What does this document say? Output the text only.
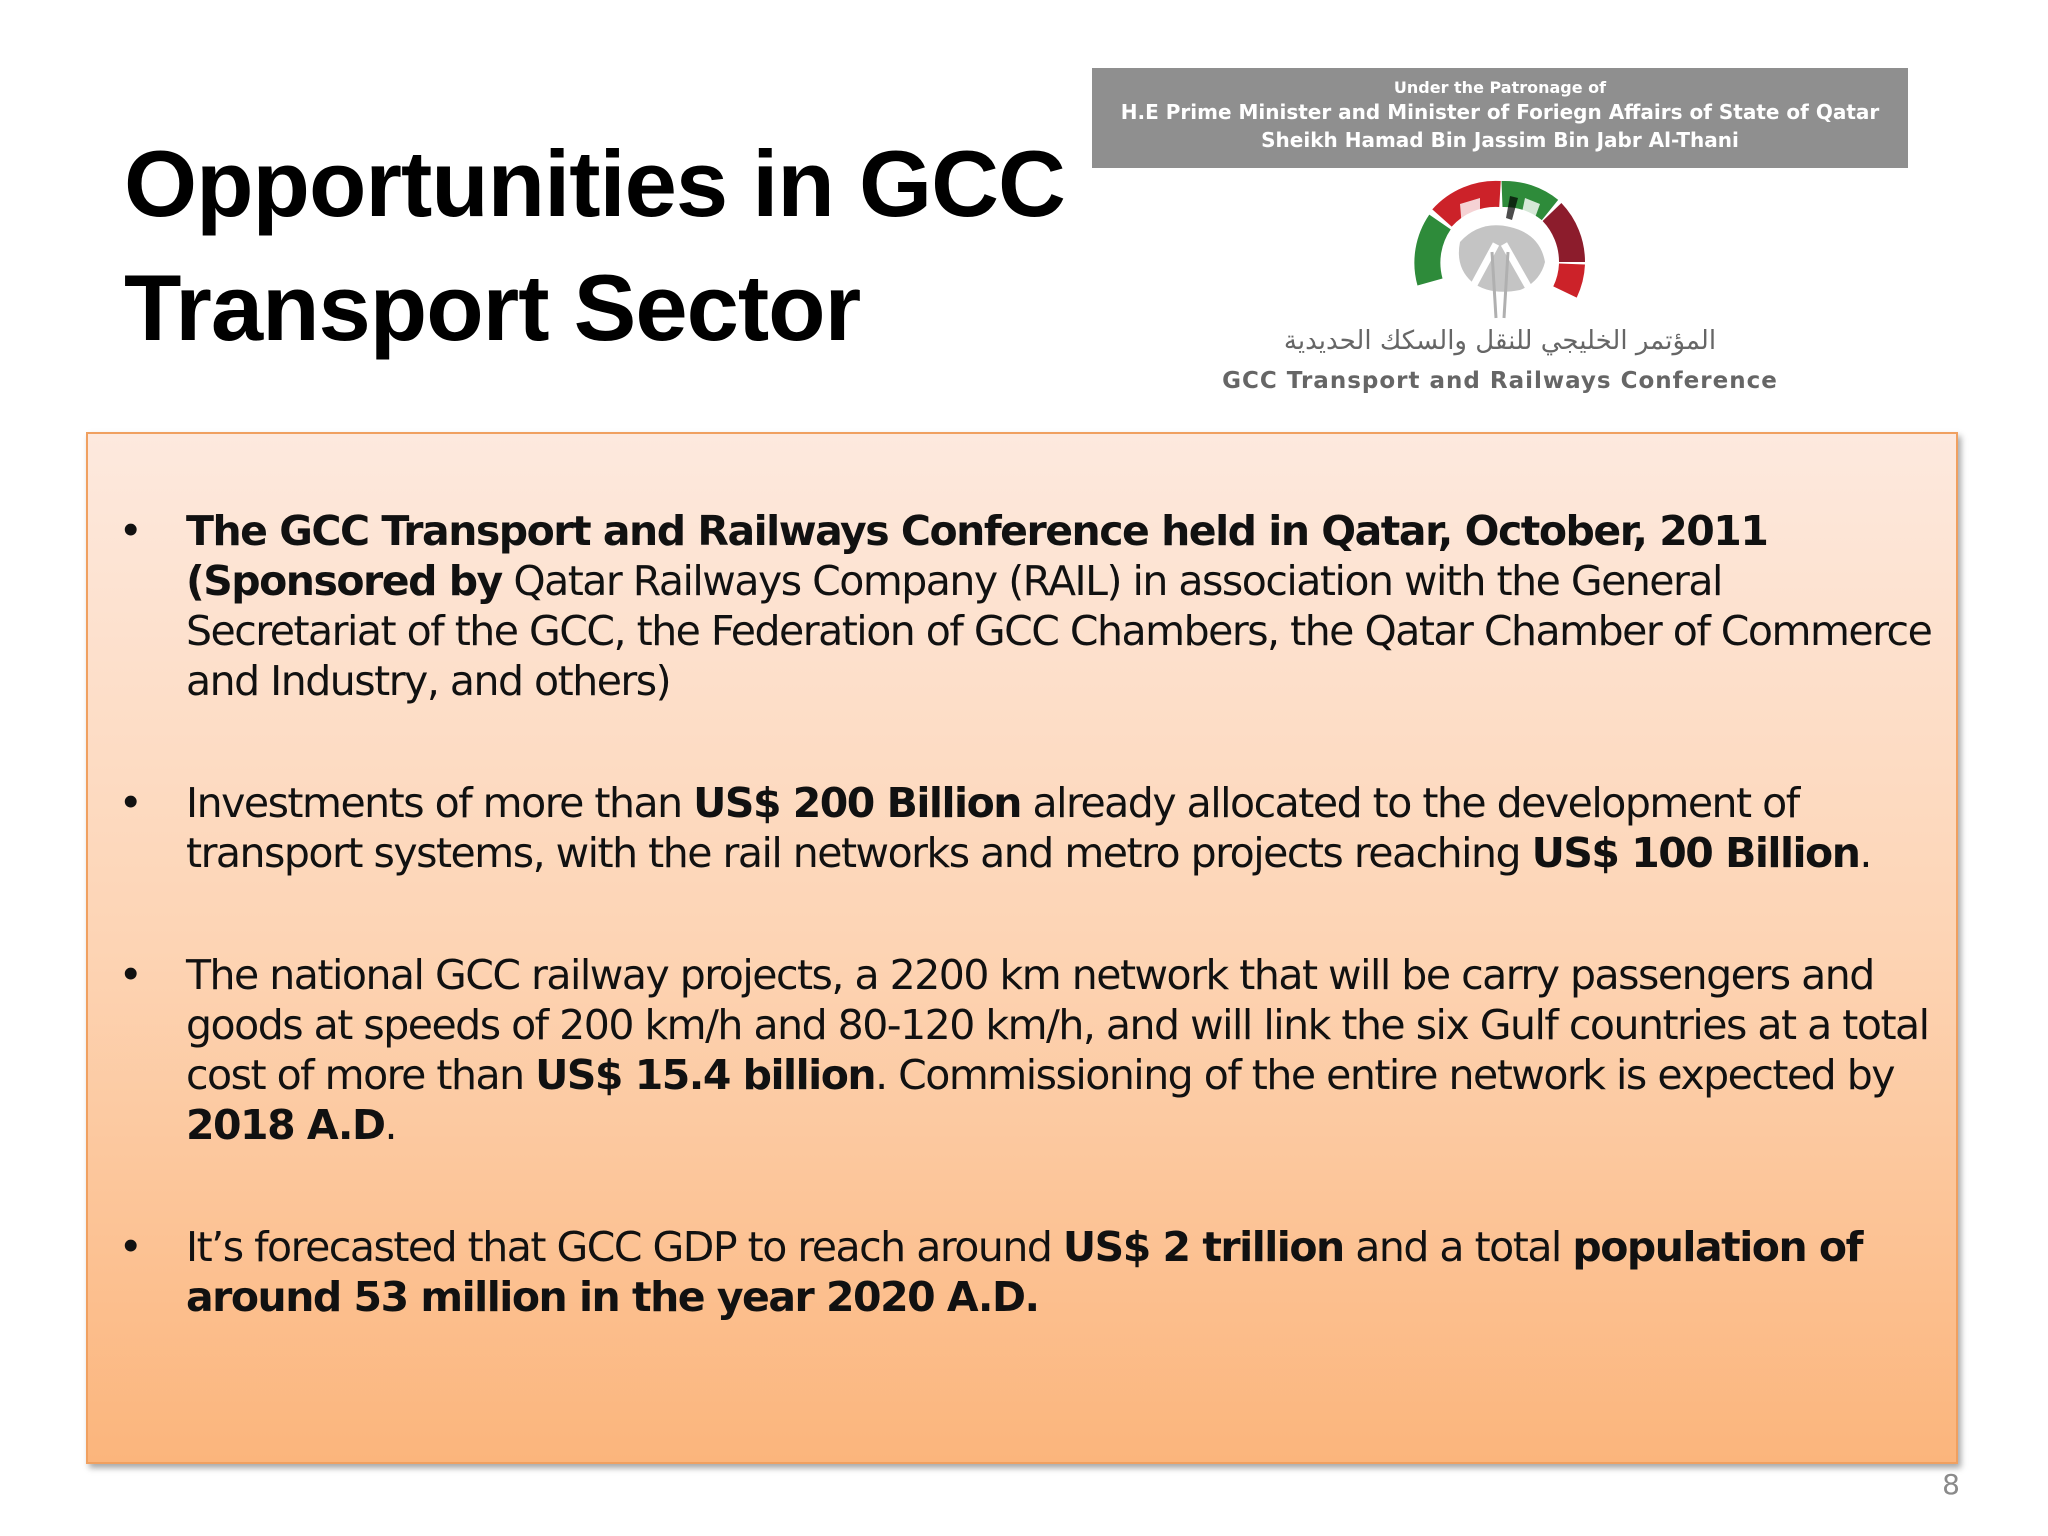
Opportunities in GCC
Transport Sector
Under the Patronage of
H.E Prime Minister and Minister of Foriegn Affairs of State of Qatar
Sheikh Hamad Bin Jassim Bin Jabr Al-Thani
المؤتمر الخليجي للنقل والسكك الحديدية
GCC Transport and Railways Conference
• The GCC Transport and Railways Conference held in Qatar, October, 2011 (Sponsored by Qatar Railways Company (RAIL) in association with the General Secretariat of the GCC, the Federation of GCC Chambers, the Qatar Chamber of Commerce and Industry, and others)
• Investments of more than US$ 200 Billion already allocated to the development of transport systems, with the rail networks and metro projects reaching US$ 100 Billion.
• The national GCC railway projects, a 2200 km network that will be carry passengers and goods at speeds of 200 km/h and 80-120 km/h, and will link the six Gulf countries at a total cost of more than US$ 15.4 billion. Commissioning of the entire network is expected by 2018 A.D.
• It’s forecasted that GCC GDP to reach around US$ 2 trillion and a total population of around 53 million in the year 2020 A.D.
8
